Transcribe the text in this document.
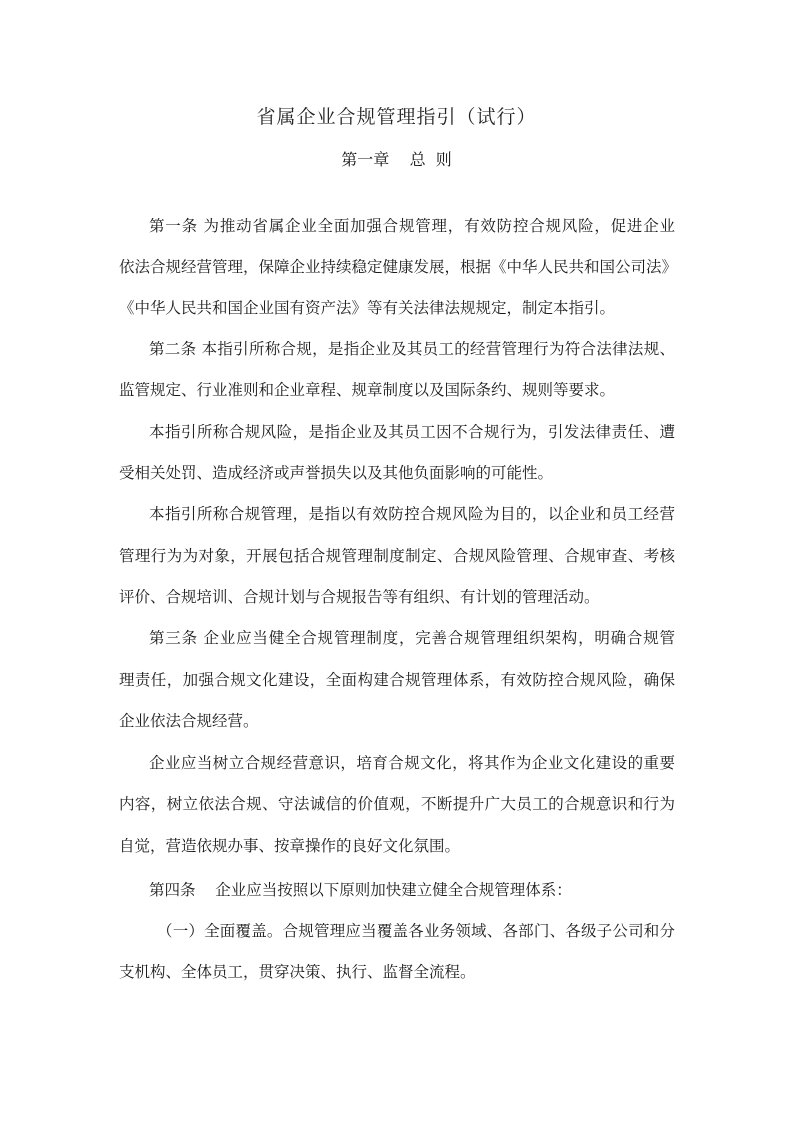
省属企业合规管理指引（试行）
第一章    总  则
第一条 为推动省属企业全面加强合规管理，有效防控合规风险，促进企业
依法合规经营管理，保障企业持续稳定健康发展，根据《中华人民共和国公司法》
《中华人民共和国企业国有资产法》等有关法律法规规定，制定本指引。
第二条 本指引所称合规，是指企业及其员工的经营管理行为符合法律法规、
监管规定、行业准则和企业章程、规章制度以及国际条约、规则等要求。
本指引所称合规风险，是指企业及其员工因不合规行为，引发法律责任、遭
受相关处罚、造成经济或声誉损失以及其他负面影响的可能性。
本指引所称合规管理，是指以有效防控合规风险为目的，以企业和员工经营
管理行为为对象，开展包括合规管理制度制定、合规风险管理、合规审查、考核
评价、合规培训、合规计划与合规报告等有组织、有计划的管理活动。
第三条 企业应当健全合规管理制度，完善合规管理组织架构，明确合规管
理责任，加强合规文化建设，全面构建合规管理体系，有效防控合规风险，确保
企业依法合规经营。
企业应当树立合规经营意识，培育合规文化，将其作为企业文化建设的重要
内容，树立依法合规、守法诚信的价值观，不断提升广大员工的合规意识和行为
自觉，营造依规办事、按章操作的良好文化氛围。
第四条    企业应当按照以下原则加快建立健全合规管理体系：
（一）全面覆盖。合规管理应当覆盖各业务领域、各部门、各级子公司和分
支机构、全体员工，贯穿决策、执行、监督全流程。
